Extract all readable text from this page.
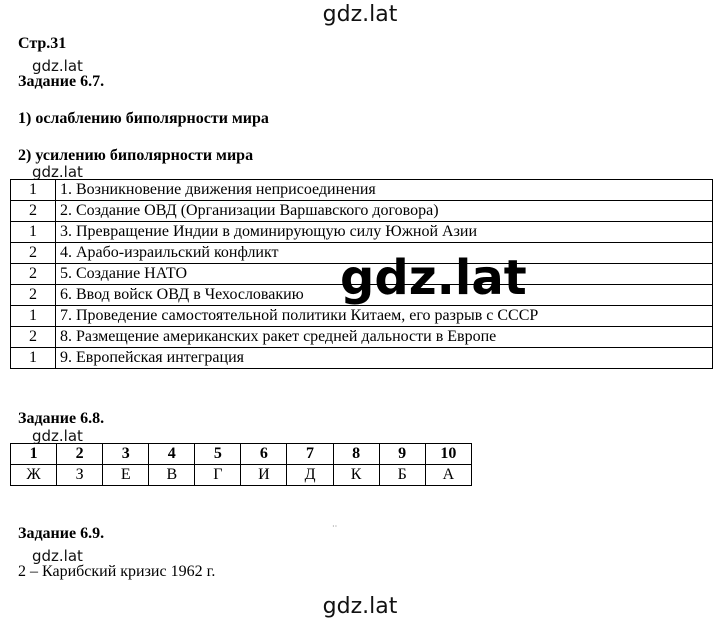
gdz.lat
Стр.31
gdz.lat
Задание 6.7.
1) ослаблению биполярности мира
2) усилению биполярности мира
gdz.lat
1	1. Возникновение движения неприсоединения
2	2. Создание ОВД (Организации Варшавского договора)
1	3. Превращение Индии в доминирующую силу Южной Азии
2	4. Арабо-израильский конфликт
2	5. Создание НАТО
2	6. Ввод войск ОВД в Чехословакию
1	7. Проведение самостоятельной политики Китаем, его разрыв с СССР
2	8. Размещение американских ракет средней дальности в Европе
1	9. Европейская интеграция
gdz.lat
Задание 6.8.
gdz.lat
1	2	3	4	5	6	7	8	9	10
Ж	З	Е	В	Г	И	Д	К	Б	А
··
Задание 6.9.
gdz.lat
2 – Карибский кризис 1962 г.
gdz.lat
